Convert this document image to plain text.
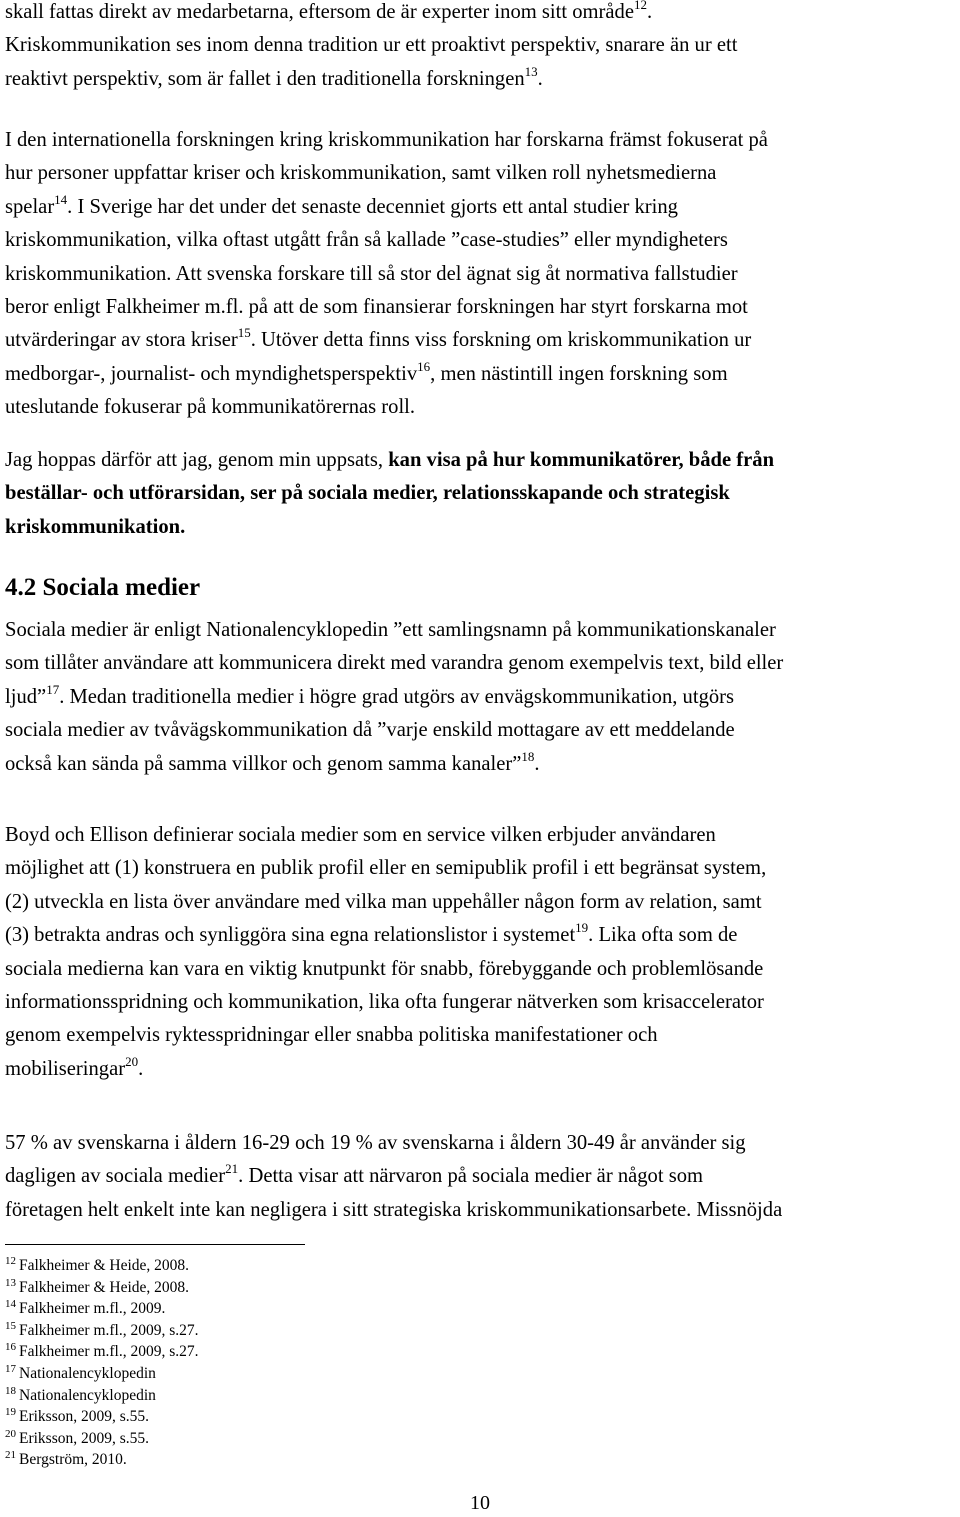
skall fattas direkt av medarbetarna, eftersom de är experter inom sitt område$^{12}$.
Kriskommunikation ses inom denna tradition ur ett proaktivt perspektiv, snarare än ur ett
reaktivt perspektiv, som är fallet i den traditionella forskningen$^{13}$.

I den internationella forskningen kring kriskommunikation har forskarna främst fokuserat på
hur personer uppfattar kriser och kriskommunikation, samt vilken roll nyhetsmedierna
spelar$^{14}$. I Sverige har det under det senaste decenniet gjorts ett antal studier kring
kriskommunikation, vilka oftast utgått från så kallade ”case-studies” eller myndigheters
kriskommunikation. Att svenska forskare till så stor del ägnat sig åt normativa fallstudier
beror enligt Falkheimer m.fl. på att de som finansierar forskningen har styrt forskarna mot
utvärderingar av stora kriser$^{15}$. Utöver detta finns viss forskning om kriskommunikation ur
medborgar-, journalist- och myndighetsperspektiv$^{16}$, men nästintill ingen forskning som
uteslutande fokuserar på kommunikatörernas roll.

Jag hoppas därför att jag, genom min uppsats, kan visa på hur kommunikatörer, både från
beställar- och utförarsidan, ser på sociala medier, relationsskapande och strategisk
kriskommunikation.

4.2 Sociala medier

Sociala medier är enligt Nationalencyklopedin ”ett samlingsnamn på kommunikationskanaler
som tillåter användare att kommunicera direkt med varandra genom exempelvis text, bild eller
ljud”$^{17}$. Medan traditionella medier i högre grad utgörs av envägskommunikation, utgörs
sociala medier av tvåvägskommunikation då ”varje enskild mottagare av ett meddelande
också kan sända på samma villkor och genom samma kanaler”$^{18}$.

Boyd och Ellison definierar sociala medier som en service vilken erbjuder användaren
möjlighet att (1) konstruera en publik profil eller en semipublik profil i ett begränsat system,
(2) utveckla en lista över användare med vilka man uppehåller någon form av relation, samt
(3) betrakta andras och synliggöra sina egna relationslistor i systemet$^{19}$. Lika ofta som de
sociala medierna kan vara en viktig knutpunkt för snabb, förebyggande och problemlösande
informationsspridning och kommunikation, lika ofta fungerar nätverken som krisaccelerator
genom exempelvis ryktesspridningar eller snabba politiska manifestationer och
mobiliseringar$^{20}$.

57 % av svenskarna i åldern 16-29 och 19 % av svenskarna i åldern 30-49 år använder sig
dagligen av sociala medier$^{21}$. Detta visar att närvaron på sociala medier är något som
företagen helt enkelt inte kan negligera i sitt strategiska kriskommunikationsarbete. Missnöjda

$^{12}$ Falkheimer & Heide, 2008.
$^{13}$ Falkheimer & Heide, 2008.
$^{14}$ Falkheimer m.fl., 2009.
$^{15}$ Falkheimer m.fl., 2009, s.27.
$^{16}$ Falkheimer m.fl., 2009, s.27.
$^{17}$ Nationalencyklopedin
$^{18}$ Nationalencyklopedin
$^{19}$ Eriksson, 2009, s.55.
$^{20}$ Eriksson, 2009, s.55.
$^{21}$ Bergström, 2010.
10
